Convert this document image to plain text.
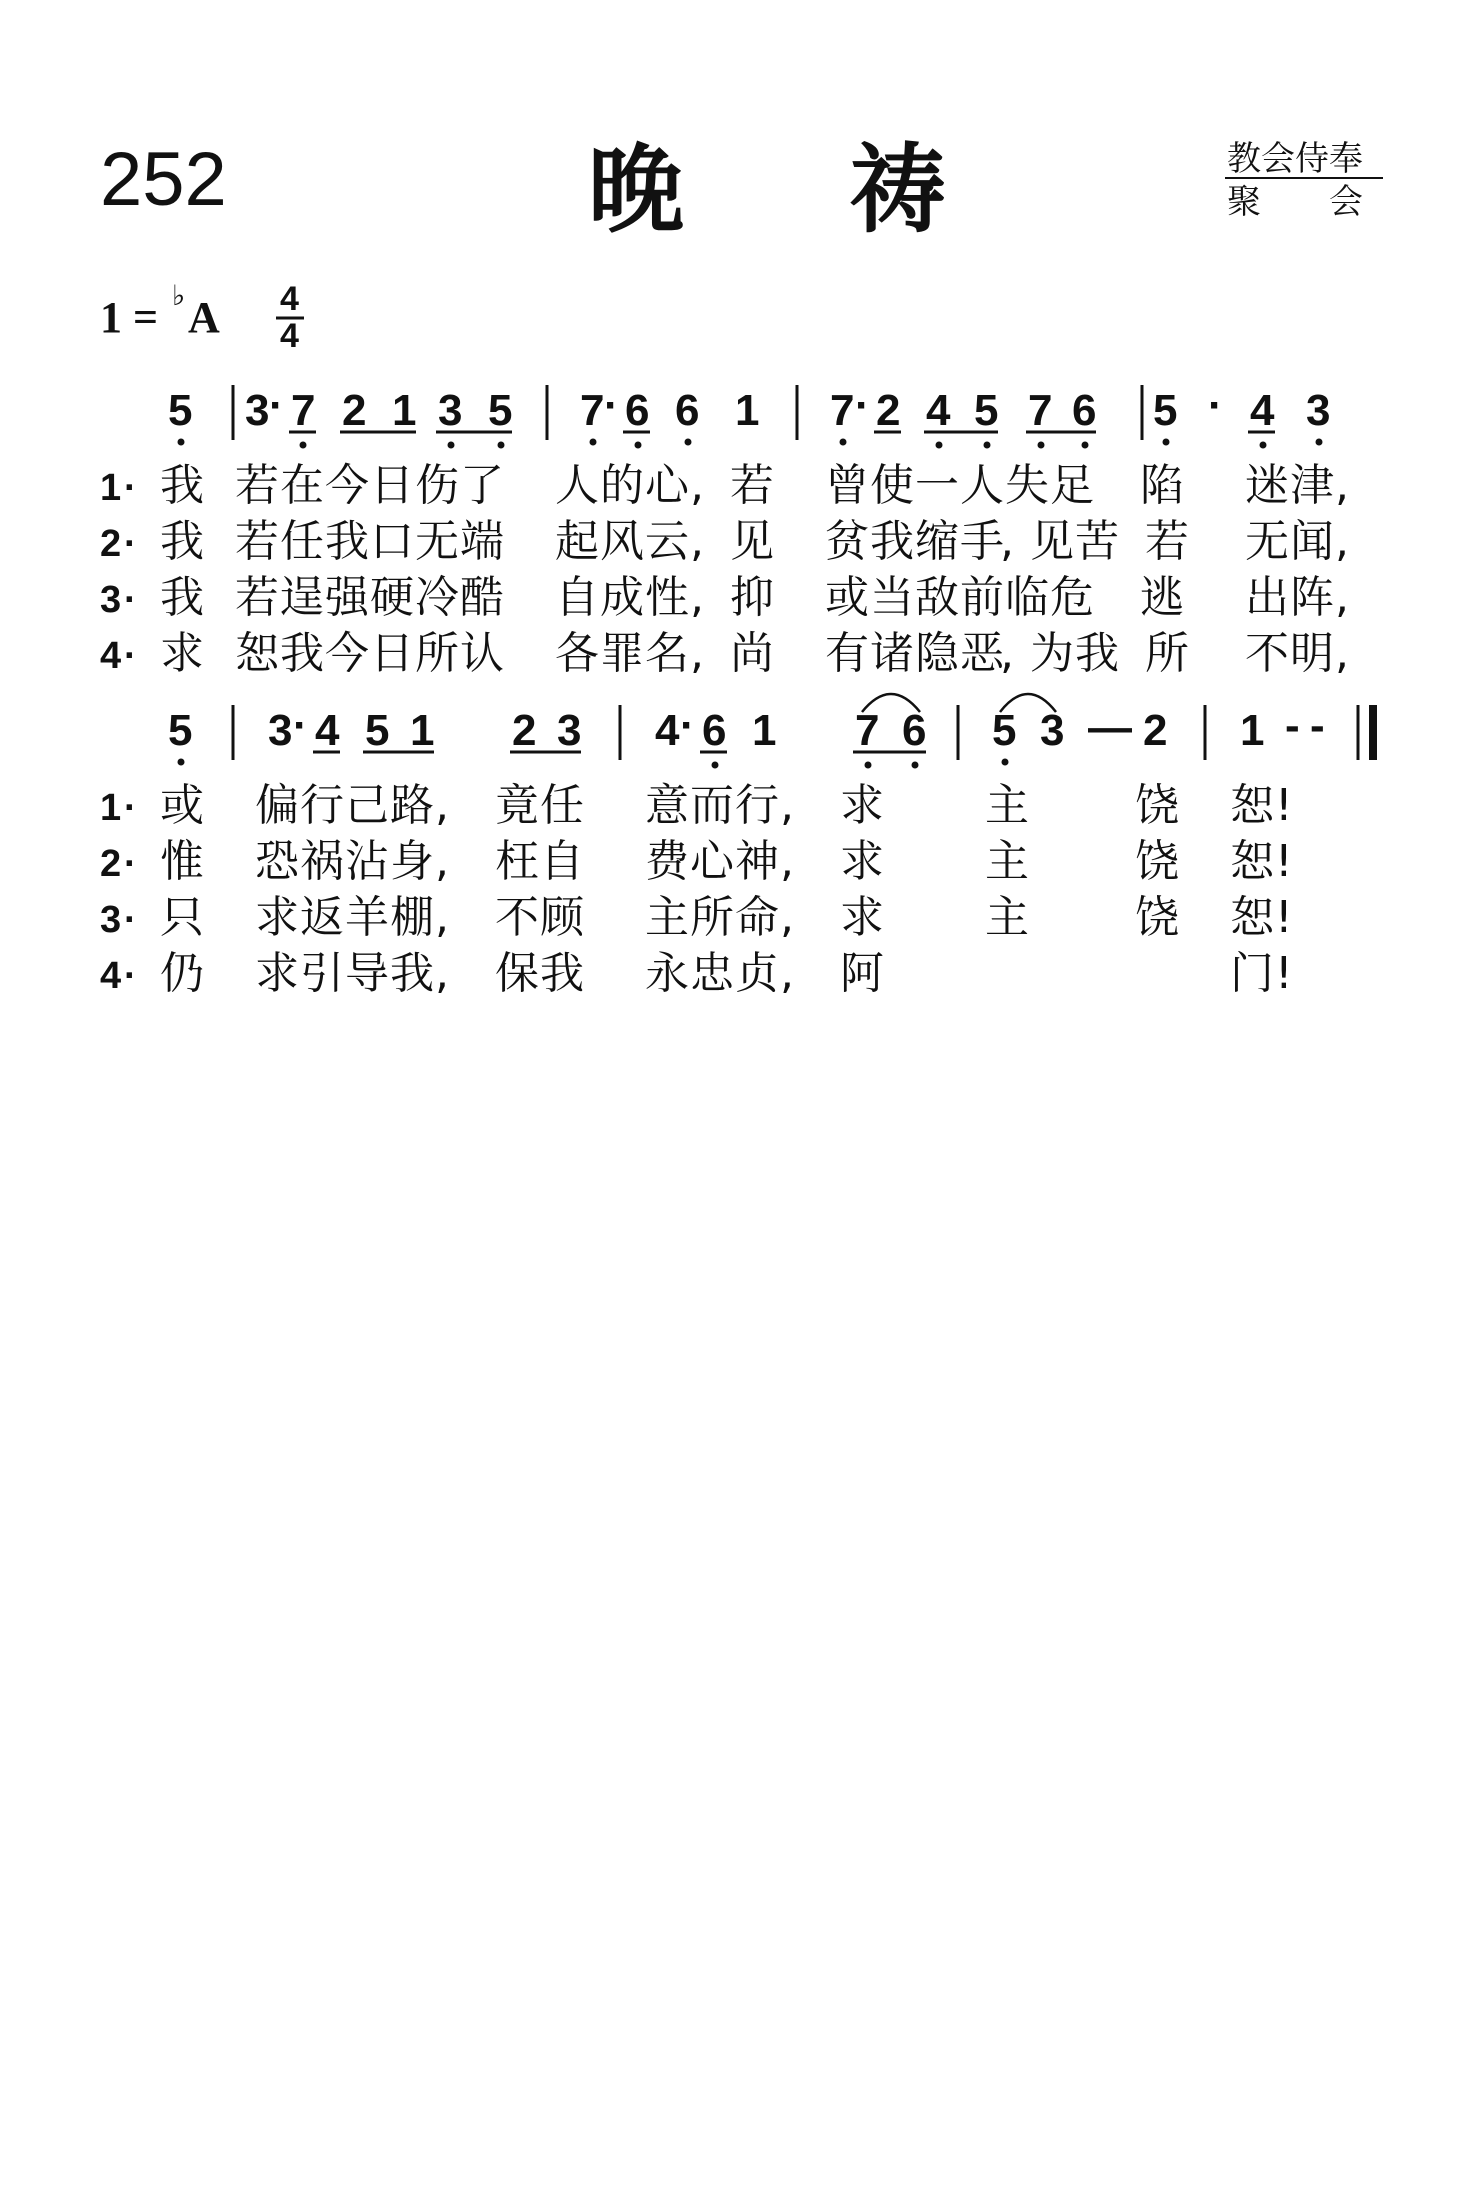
252	晚 祷	教会侍奉
聚　　会
1 = ♭ A 4
4
5 3 · 7 2 1 3 5 7 · 6 6 1 7 · 2 4 5 7 6 5 · 4 3
1 · 我 若 在 今 日 伤 了 人 的 心 , 若 曾 使 一 人 失 足 陷 迷 津 ,
2 · 我 若 任 我 口 无 端 起 风 云 , 见 贫 我 缩 手
, 见 苦 若 无 闻 ,
3 · 我 若 逞 强 硬 冷 酷 自 成 性 , 抑 或 当 敌 前 临 危 逃 出 阵 ,
4 · 求 恕 我 今 日 所 认 各 罪 名 , 尚 有 诸 隐 恶
, 为 我 所 不 明 ,
5 3 · 4 5 1 2 3 4 · 6 1 7 6 5 3 — 2 1 - -
1 · 或 偏 行 己 路 , 竟 任 意 而 行 , 求 主 饶 恕 !
2 · 惟 恐 祸 沾 身 , 枉 自 费 心 神 , 求 主 饶 恕 !
3 · 只 求 返 羊 棚 , 不 顾 主 所 命 , 求 主 饶 恕 !
4 · 仍 求 引 导 我 , 保 我 永 忠 贞 , 阿	门 !
